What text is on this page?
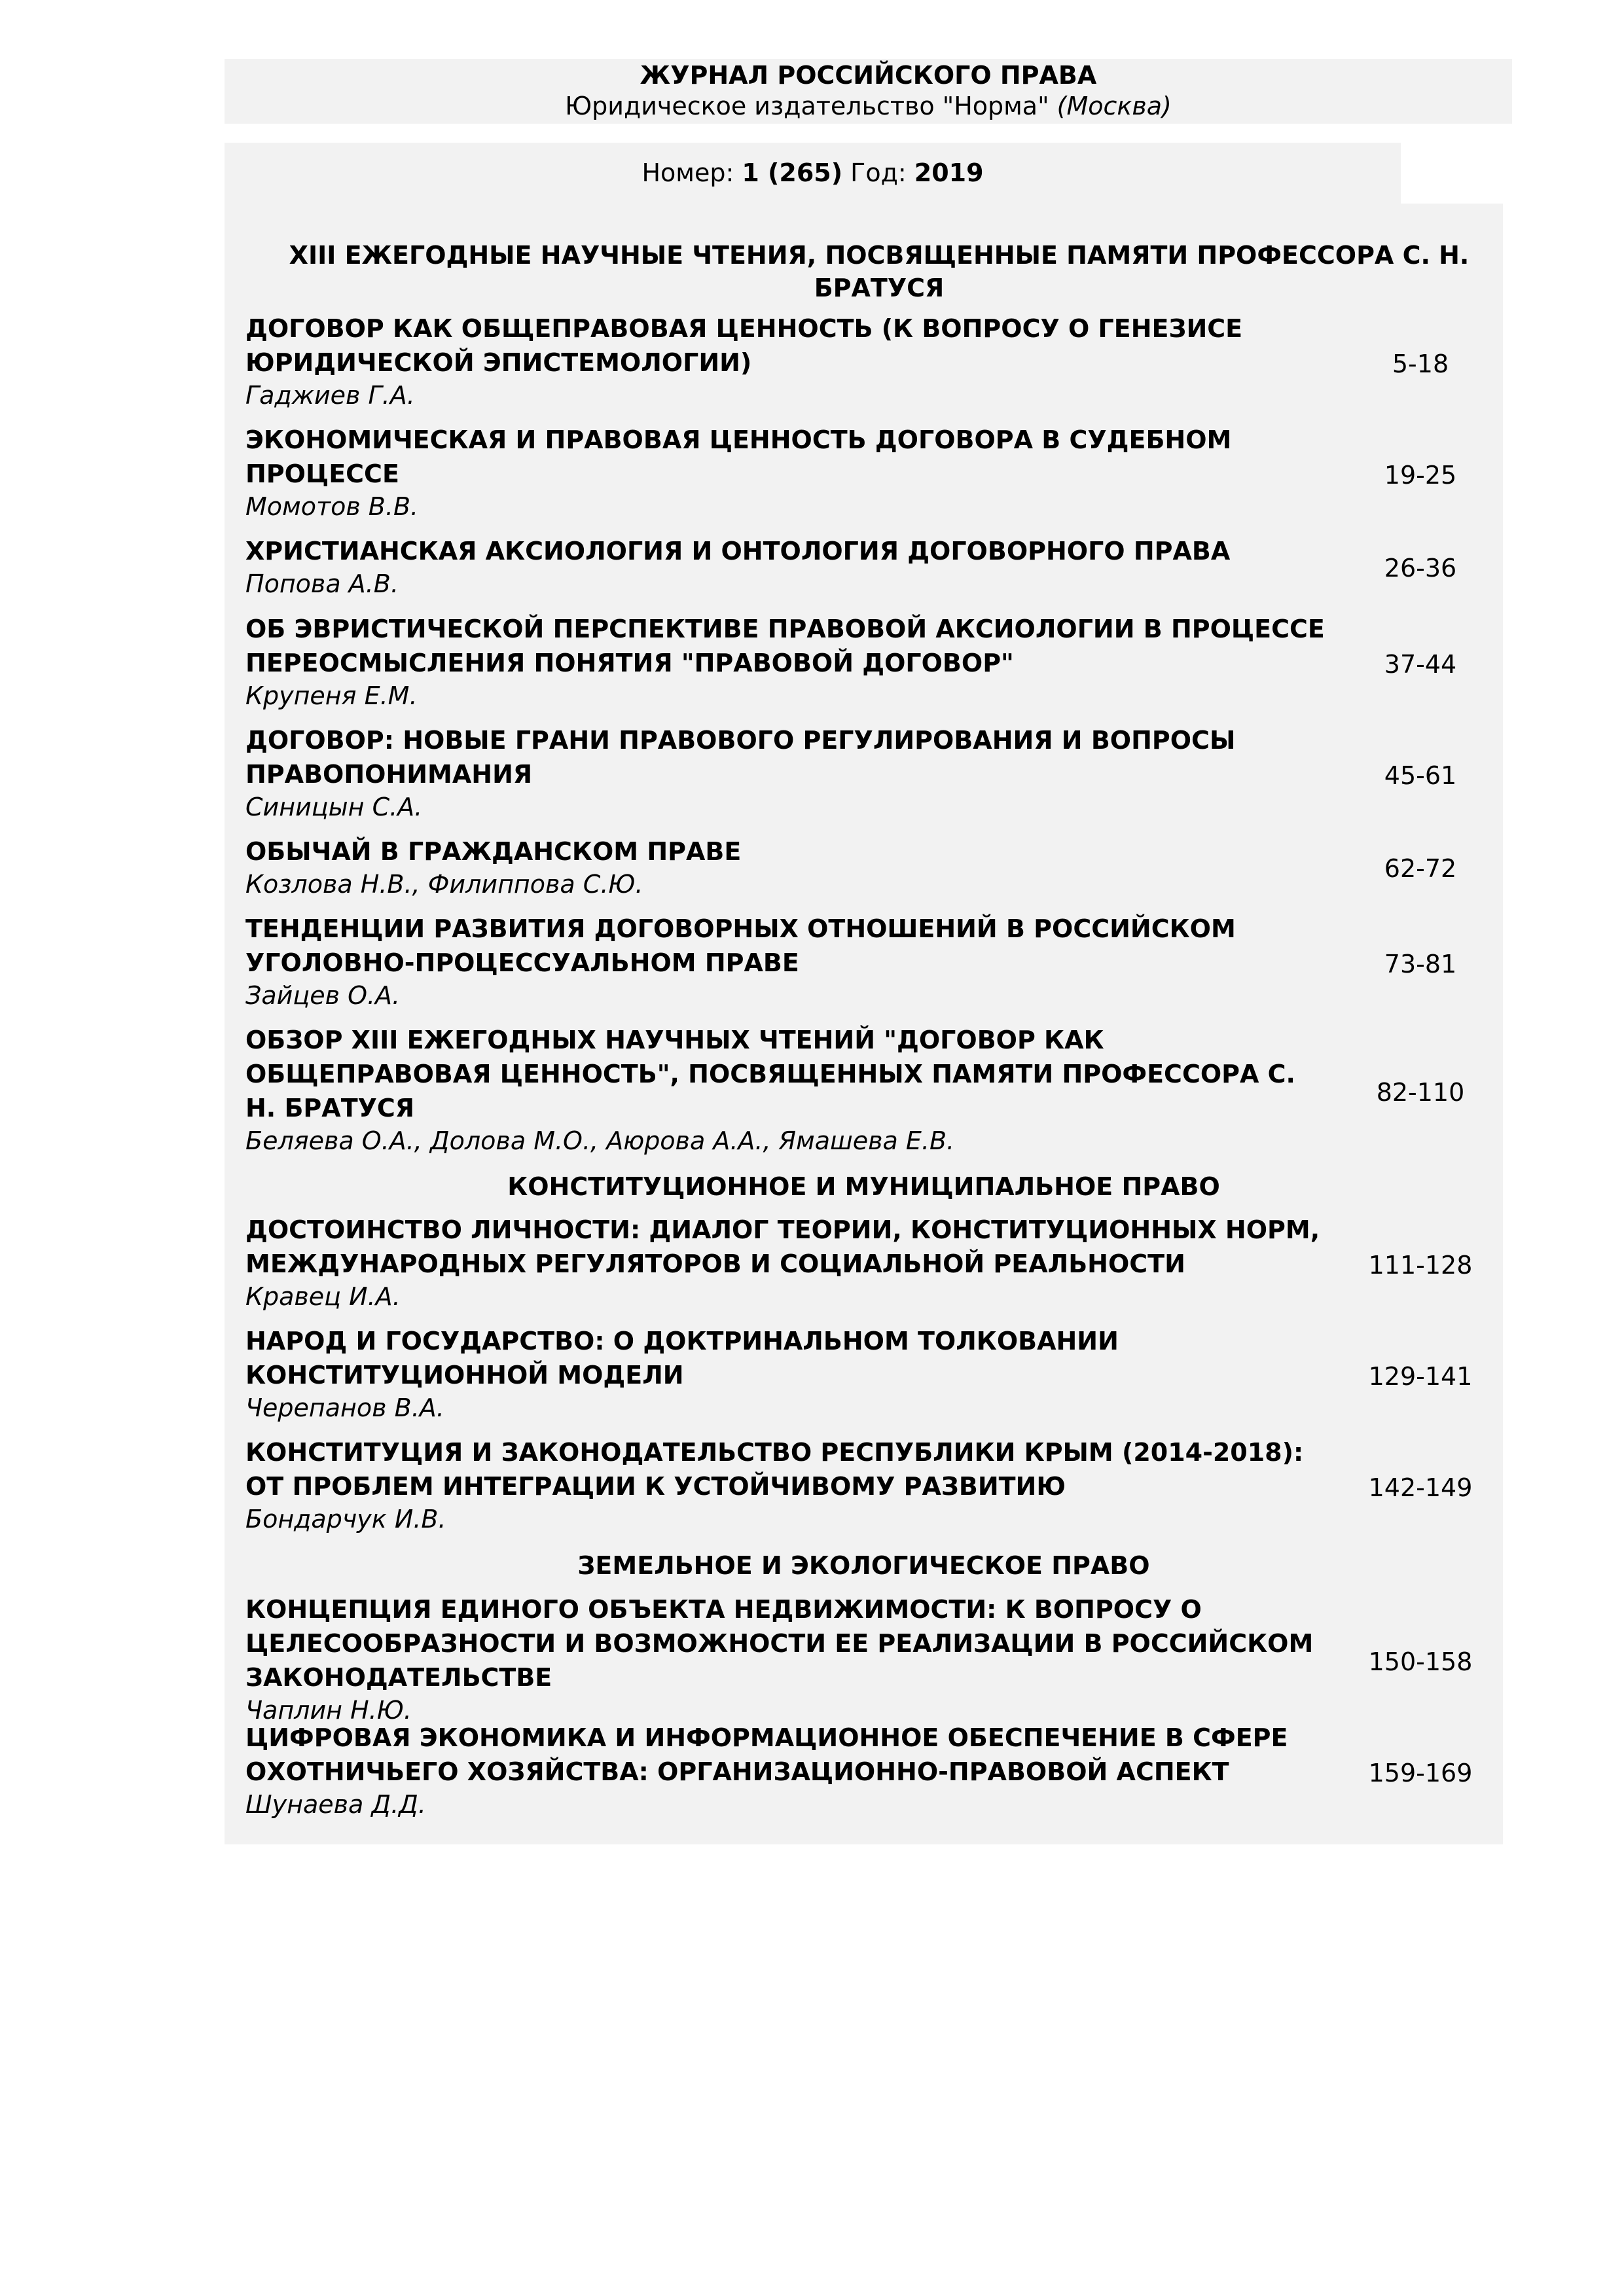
ЖУРНАЛ РОССИЙСКОГО ПРАВА
Юридическое издательство "Норма" (Москва)
Номер: 1 (265) Год: 2019
XIII ЕЖЕГОДНЫЕ НАУЧНЫЕ ЧТЕНИЯ, ПОСВЯЩЕННЫЕ ПАМЯТИ ПРОФЕССОРА С. Н. БРАТУСЯ
ДОГОВОР КАК ОБЩЕПРАВОВАЯ ЦЕННОСТЬ (К ВОПРОСУ О ГЕНЕЗИСЕ ЮРИДИЧЕСКОЙ ЭПИСТЕМОЛОГИИ)
Гаджиев Г.А.
5-18
ЭКОНОМИЧЕСКАЯ И ПРАВОВАЯ ЦЕННОСТЬ ДОГОВОРА В СУДЕБНОМ ПРОЦЕССЕ
Момотов В.В.
19-25
ХРИСТИАНСКАЯ АКСИОЛОГИЯ И ОНТОЛОГИЯ ДОГОВОРНОГО ПРАВА
Попова А.В.
26-36
ОБ ЭВРИСТИЧЕСКОЙ ПЕРСПЕКТИВЕ ПРАВОВОЙ АКСИОЛОГИИ В ПРОЦЕССЕ ПЕРЕОСМЫСЛЕНИЯ ПОНЯТИЯ "ПРАВОВОЙ ДОГОВОР"
Крупеня Е.М.
37-44
ДОГОВОР: НОВЫЕ ГРАНИ ПРАВОВОГО РЕГУЛИРОВАНИЯ И ВОПРОСЫ ПРАВОПОНИМАНИЯ
Синицын С.А.
45-61
ОБЫЧАЙ В ГРАЖДАНСКОМ ПРАВЕ
Козлова Н.В., Филиппова С.Ю.
62-72
ТЕНДЕНЦИИ РАЗВИТИЯ ДОГОВОРНЫХ ОТНОШЕНИЙ В РОССИЙСКОМ УГОЛОВНО-ПРОЦЕССУАЛЬНОМ ПРАВЕ
Зайцев О.А.
73-81
ОБЗОР XIII ЕЖЕГОДНЫХ НАУЧНЫХ ЧТЕНИЙ "ДОГОВОР КАК ОБЩЕПРАВОВАЯ ЦЕННОСТЬ", ПОСВЯЩЕННЫХ ПАМЯТИ ПРОФЕССОРА С. Н. БРАТУСЯ
Беляева О.А., Долова М.О., Аюрова А.А., Ямашева Е.В.
82-110
КОНСТИТУЦИОННОЕ И МУНИЦИПАЛЬНОЕ ПРАВО
ДОСТОИНСТВО ЛИЧНОСТИ: ДИАЛОГ ТЕОРИИ, КОНСТИТУЦИОННЫХ НОРМ, МЕЖДУНАРОДНЫХ РЕГУЛЯТОРОВ И СОЦИАЛЬНОЙ РЕАЛЬНОСТИ
Кравец И.А.
111-128
НАРОД И ГОСУДАРСТВО: О ДОКТРИНАЛЬНОМ ТОЛКОВАНИИ КОНСТИТУЦИОННОЙ МОДЕЛИ
Черепанов В.А.
129-141
КОНСТИТУЦИЯ И ЗАКОНОДАТЕЛЬСТВО РЕСПУБЛИКИ КРЫМ (2014-2018): ОТ ПРОБЛЕМ ИНТЕГРАЦИИ К УСТОЙЧИВОМУ РАЗВИТИЮ
Бондарчук И.В.
142-149
ЗЕМЕЛЬНОЕ И ЭКОЛОГИЧЕСКОЕ ПРАВО
КОНЦЕПЦИЯ ЕДИНОГО ОБЪЕКТА НЕДВИЖИМОСТИ: К ВОПРОСУ О ЦЕЛЕСООБРАЗНОСТИ И ВОЗМОЖНОСТИ ЕЕ РЕАЛИЗАЦИИ В РОССИЙСКОМ ЗАКОНОДАТЕЛЬСТВЕ
Чаплин Н.Ю.
150-158
ЦИФРОВАЯ ЭКОНОМИКА И ИНФОРМАЦИОННОЕ ОБЕСПЕЧЕНИЕ В СФЕРЕ ОХОТНИЧЬЕГО ХОЗЯЙСТВА: ОРГАНИЗАЦИОННО-ПРАВОВОЙ АСПЕКТ
Шунаева Д.Д.
159-169
